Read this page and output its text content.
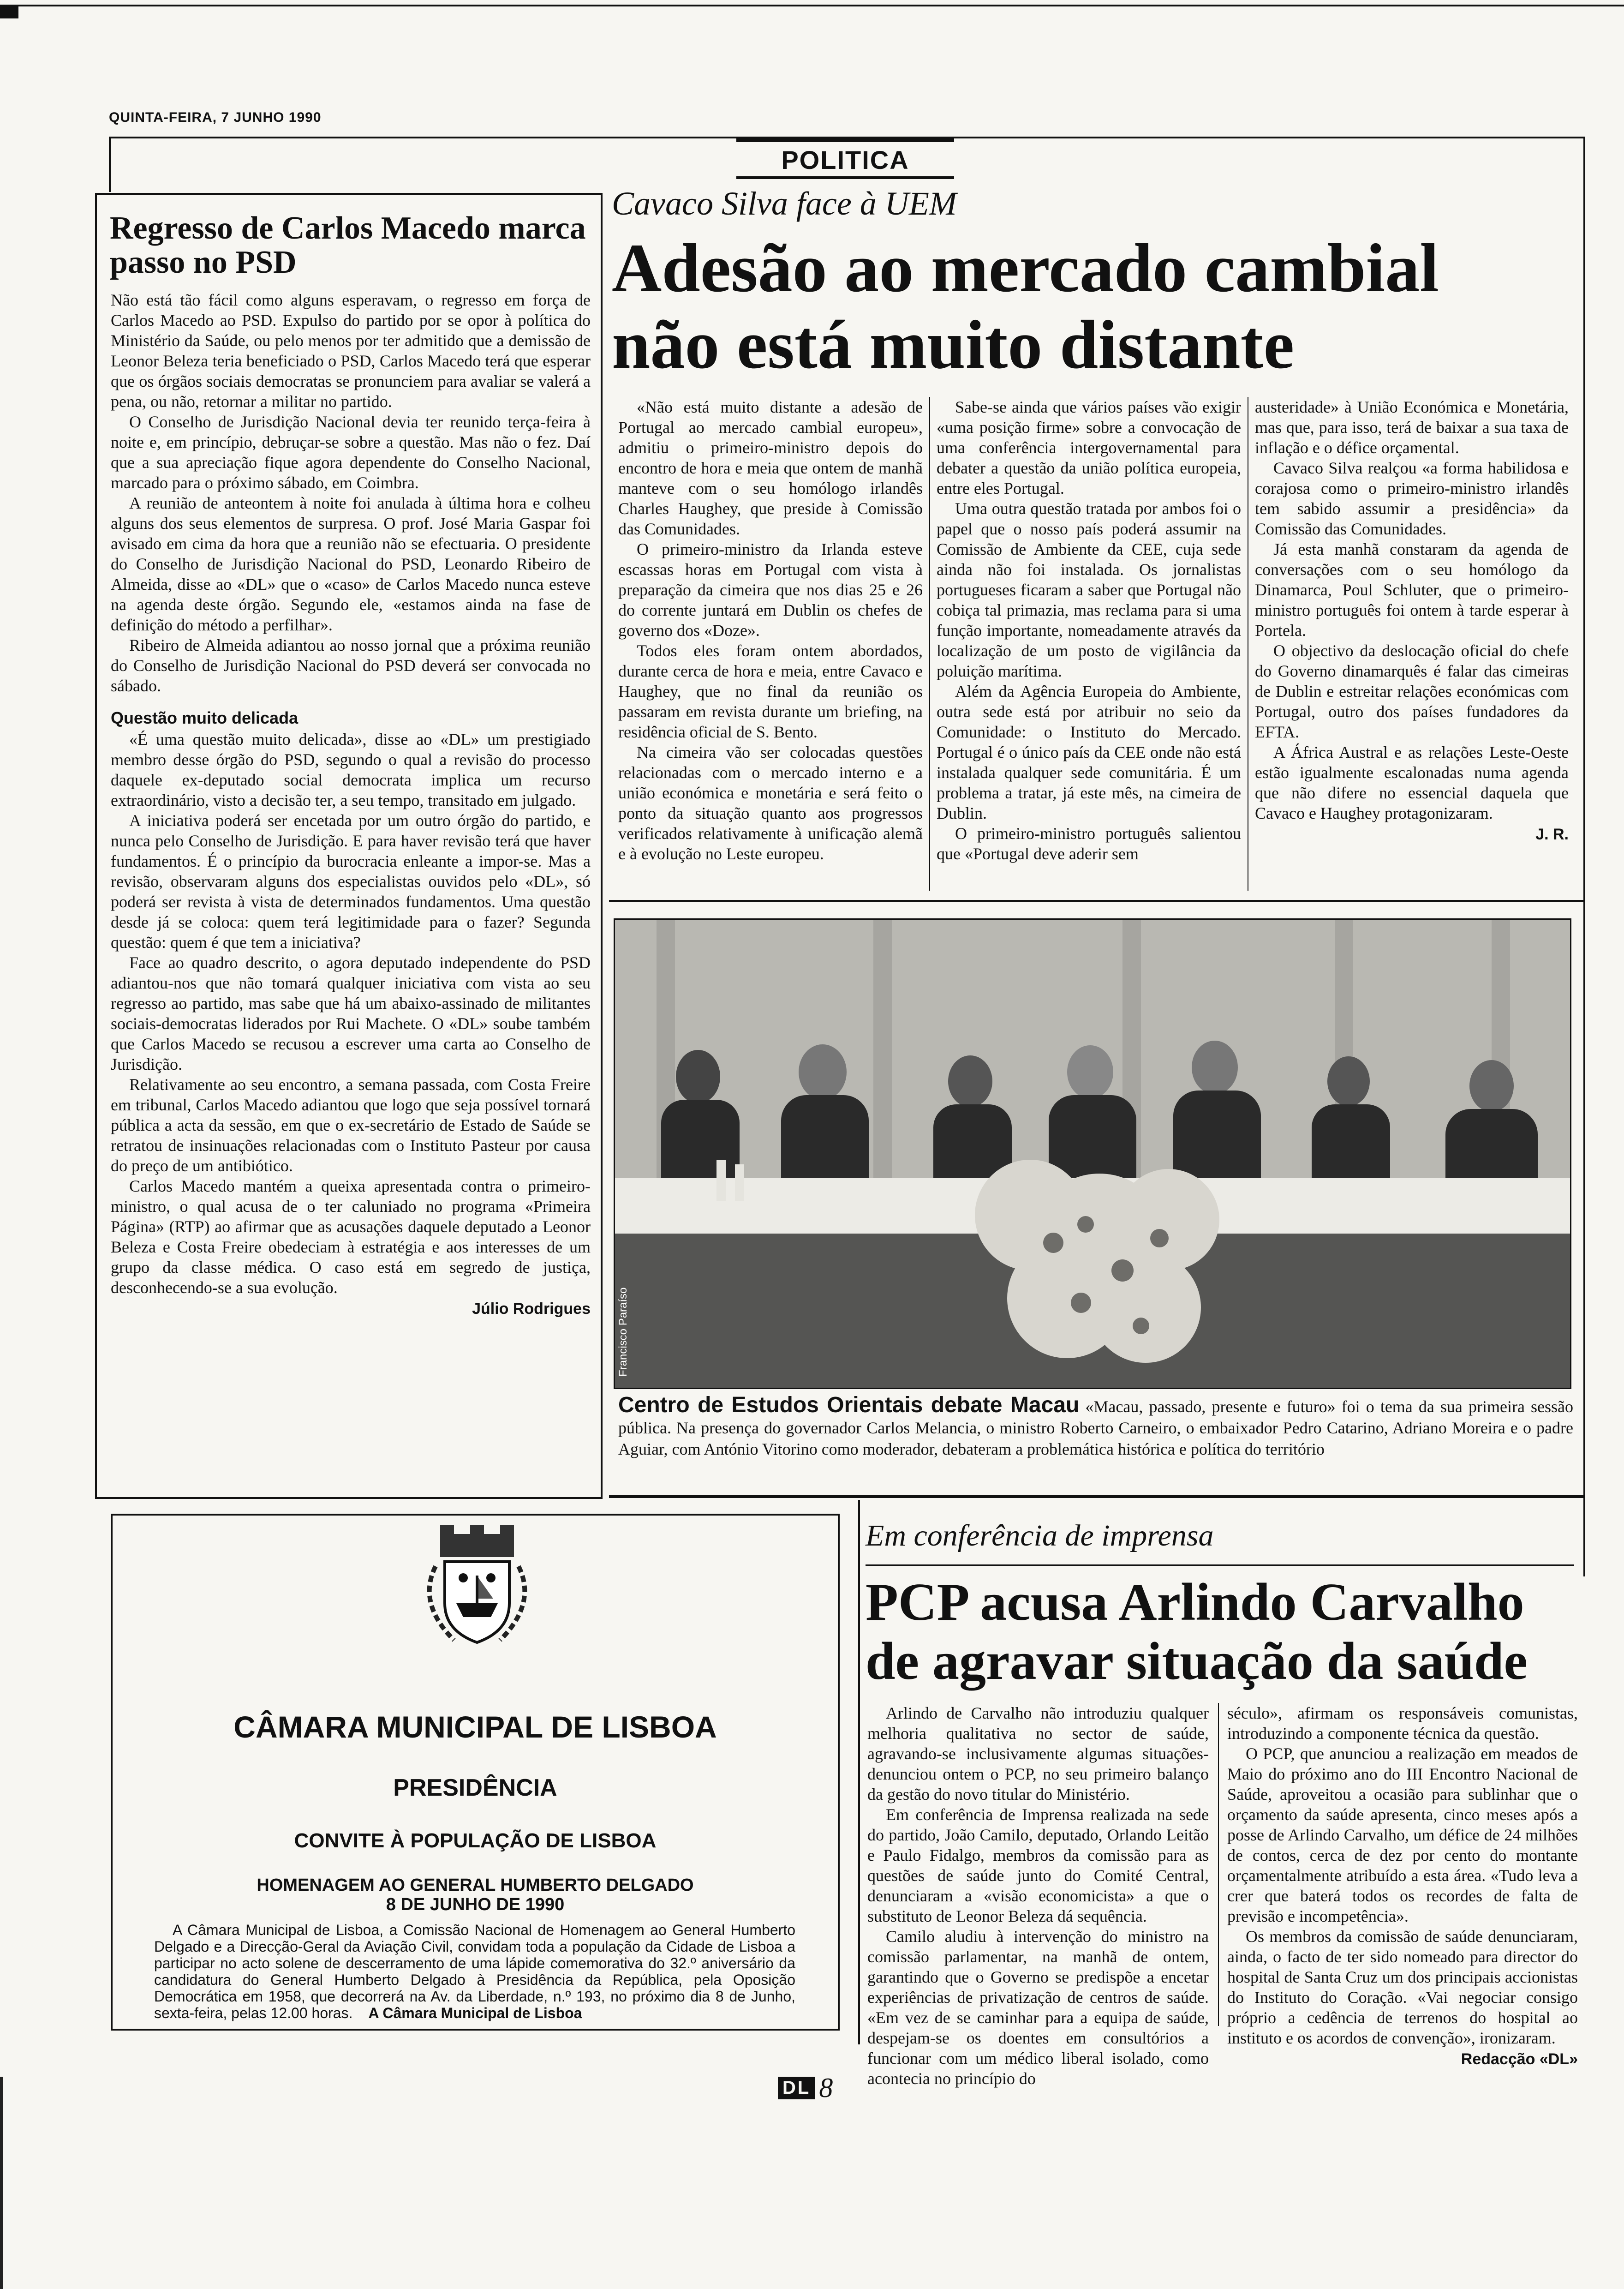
QUINTA-FEIRA, 7 JUNHO 1990
POLITICA
Regresso de Carlos Macedo marca passo no PSD

Não está tão fácil como alguns esperavam, o regresso em força de Carlos Macedo ao PSD. Expulso do partido por se opor à política do Ministério da Saúde, ou pelo menos por ter admitido que a demissão de Leonor Beleza teria beneficiado o PSD, Carlos Macedo terá que esperar que os órgãos sociais democratas se pronunciem para avaliar se valerá a pena, ou não, retornar a militar no partido.

O Conselho de Jurisdição Nacional devia ter reunido terça-feira à noite e, em princípio, debruçar-se sobre a questão. Mas não o fez. Daí que a sua apreciação fique agora dependente do Conselho Nacional, marcado para o próximo sábado, em Coimbra.

A reunião de anteontem à noite foi anulada à última hora e colheu alguns dos seus elementos de surpresa. O prof. José Maria Gaspar foi avisado em cima da hora que a reunião não se efectuaria. O presidente do Conselho de Jurisdição Nacional do PSD, Leonardo Ribeiro de Almeida, disse ao «DL» que o «caso» de Carlos Macedo nunca esteve na agenda deste órgão. Segundo ele, «estamos ainda na fase de definição do método a perfilhar».

Ribeiro de Almeida adiantou ao nosso jornal que a próxima reunião do Conselho de Jurisdição Nacional do PSD deverá ser convocada no sábado.

Questão muito delicada

«É uma questão muito delicada», disse ao «DL» um prestigiado membro desse órgão do PSD, segundo o qual a revisão do processo daquele ex-deputado social democrata implica um recurso extraordinário, visto a decisão ter, a seu tempo, transitado em julgado.

A iniciativa poderá ser encetada por um outro órgão do partido, e nunca pelo Conselho de Jurisdição. E para haver revisão terá que haver fundamentos. É o princípio da burocracia enleante a impor-se. Mas a revisão, observaram alguns dos especialistas ouvidos pelo «DL», só poderá ser revista à vista de determinados fundamentos. Uma questão desde já se coloca: quem terá legitimidade para o fazer? Segunda questão: quem é que tem a iniciativa?

Face ao quadro descrito, o agora deputado independente do PSD adiantou-nos que não tomará qualquer iniciativa com vista ao seu regresso ao partido, mas sabe que há um abaixo-assinado de militantes sociais-democratas liderados por Rui Machete. O «DL» soube também que Carlos Macedo se recusou a escrever uma carta ao Conselho de Jurisdição.

Relativamente ao seu encontro, a semana passada, com Costa Freire em tribunal, Carlos Macedo adiantou que logo que seja possível tornará pública a acta da sessão, em que o ex-secretário de Estado de Saúde se retratou de insinuações relacionadas com o Instituto Pasteur por causa do preço de um antibiótico.

Carlos Macedo mantém a queixa apresentada contra o primeiro-ministro, o qual acusa de o ter caluniado no programa «Primeira Página» (RTP) ao afirmar que as acusações daquele deputado a Leonor Beleza e Costa Freire obedeciam à estratégia e aos interesses de um grupo da classe médica. O caso está em segredo de justiça, desconhecendo-se a sua evolução.

Júlio Rodrigues
Cavaco Silva face à UEM
Adesão ao mercado cambial
não está muito distante

«Não está muito distante a adesão de Portugal ao mercado cambial europeu», admitiu o primeiro-ministro depois do encontro de hora e meia que ontem de manhã manteve com o seu homólogo irlandês Charles Haughey, que preside à Comissão das Comunidades.

O primeiro-ministro da Irlanda esteve escassas horas em Portugal com vista à preparação da cimeira que nos dias 25 e 26 do corrente juntará em Dublin os chefes de governo dos «Doze».

Todos eles foram ontem abordados, durante cerca de hora e meia, entre Cavaco e Haughey, que no final da reunião os passaram em revista durante um briefing, na residência oficial de S. Bento.

Na cimeira vão ser colocadas questões relacionadas com o mercado interno e a união económica e monetária e será feito o ponto da situação quanto aos progressos verificados relativamente à unificação alemã e à evolução no Leste europeu.

Sabe-se ainda que vários países vão exigir «uma posição firme» sobre a convocação de uma conferência intergovernamental para debater a questão da união política europeia, entre eles Portugal.

Uma outra questão tratada por ambos foi o papel que o nosso país poderá assumir na Comissão de Ambiente da CEE, cuja sede ainda não foi instalada. Os jornalistas portugueses ficaram a saber que Portugal não cobiça tal primazia, mas reclama para si uma função importante, nomeadamente através da localização de um posto de vigilância da poluição marítima.

Além da Agência Europeia do Ambiente, outra sede está por atribuir no seio da Comunidade: o Instituto do Mercado. Portugal é o único país da CEE onde não está instalada qualquer sede comunitária. É um problema a tratar, já este mês, na cimeira de Dublin.

O primeiro-ministro português salientou que «Portugal deve aderir sem

austeridade» à União Económica e Monetária, mas que, para isso, terá de baixar a sua taxa de inflação e o défice orçamental.

Cavaco Silva realçou «a forma habilidosa e corajosa como o primeiro-ministro irlandês tem sabido assumir a presidência» da Comissão das Comunidades.

Já esta manhã constaram da agenda de conversações com o seu homólogo da Dinamarca, Poul Schluter, que o primeiro-ministro português foi ontem à tarde esperar à Portela.

O objectivo da deslocação oficial do chefe do Governo dinamarquês é falar das cimeiras de Dublin e estreitar relações económicas com Portugal, outro dos países fundadores da EFTA.

A África Austral e as relações Leste-Oeste estão igualmente escalonadas numa agenda que não difere no essencial daquela que Cavaco e Haughey protagonizaram.

J. R.
Francisco Paraíso
Centro de Estudos Orientais debate Macau «Macau, passado, presente e futuro» foi o tema da sua primeira sessão pública. Na presença do governador Carlos Melancia, o ministro Roberto Carneiro, o embaixador Pedro Catarino, Adriano Moreira e o padre Aguiar, com António Vitorino como moderador, debateram a problemática histórica e política do território
CÂMARA MUNICIPAL DE LISBOA
PRESIDÊNCIA
CONVITE À POPULAÇÃO DE LISBOA
HOMENAGEM AO GENERAL HUMBERTO DELGADO
8 DE JUNHO DE 1990
A Câmara Municipal de Lisboa, a Comissão Nacional de Homenagem ao General Humberto Delgado e a Direcção-Geral da Aviação Civil, convidam toda a população da Cidade de Lisboa a participar no acto solene de descerramento de uma lápide comemorativa do 32.º aniversário da candidatura do General Humberto Delgado à Presidência da República, pela Oposição Democrática em 1958, que decorrerá na Av. da Liberdade, n.º 193, no próximo dia 8 de Junho, sexta-feira, pelas 12.00 horas.	A Câmara Municipal de Lisboa
Em conferência de imprensa
PCP acusa Arlindo Carvalho
de agravar situação da saúde

Arlindo de Carvalho não introduziu qualquer melhoria qualitativa no sector de saúde, agravando-se inclusivamente algumas situações- denunciou ontem o PCP, no seu primeiro balanço da gestão do novo titular do Ministério.

Em conferência de Imprensa realizada na sede do partido, João Camilo, deputado, Orlando Leitão e Paulo Fidalgo, membros da comissão para as questões de saúde junto do Comité Central, denunciaram a «visão economicista» a que o substituto de Leonor Beleza dá sequência.

Camilo aludiu à intervenção do ministro na comissão parlamentar, na manhã de ontem, garantindo que o Governo se predispõe a encetar experiências de privatização de centros de saúde. «Em vez de se caminhar para a equipa de saúde, despejam-se os doentes em consultórios a funcionar com um médico liberal isolado, como acontecia no princípio do

século», afirmam os responsáveis comunistas, introduzindo a componente técnica da questão.

O PCP, que anunciou a realização em meados de Maio do próximo ano do III Encontro Nacional de Saúde, aproveitou a ocasião para sublinhar que o orçamento da saúde apresenta, cinco meses após a posse de Arlindo Carvalho, um défice de 24 milhões de contos, cerca de dez por cento do montante orçamentalmente atribuído a esta área. «Tudo leva a crer que baterá todos os recordes de falta de previsão e incompetência».

Os membros da comissão de saúde denunciaram, ainda, o facto de ter sido nomeado para director do hospital de Santa Cruz um dos principais accionistas do Instituto do Coração. «Vai negociar consigo próprio a cedência de terrenos do hospital ao instituto e os acordos de convenção», ironizaram.

Redacção «DL»
DL 8
